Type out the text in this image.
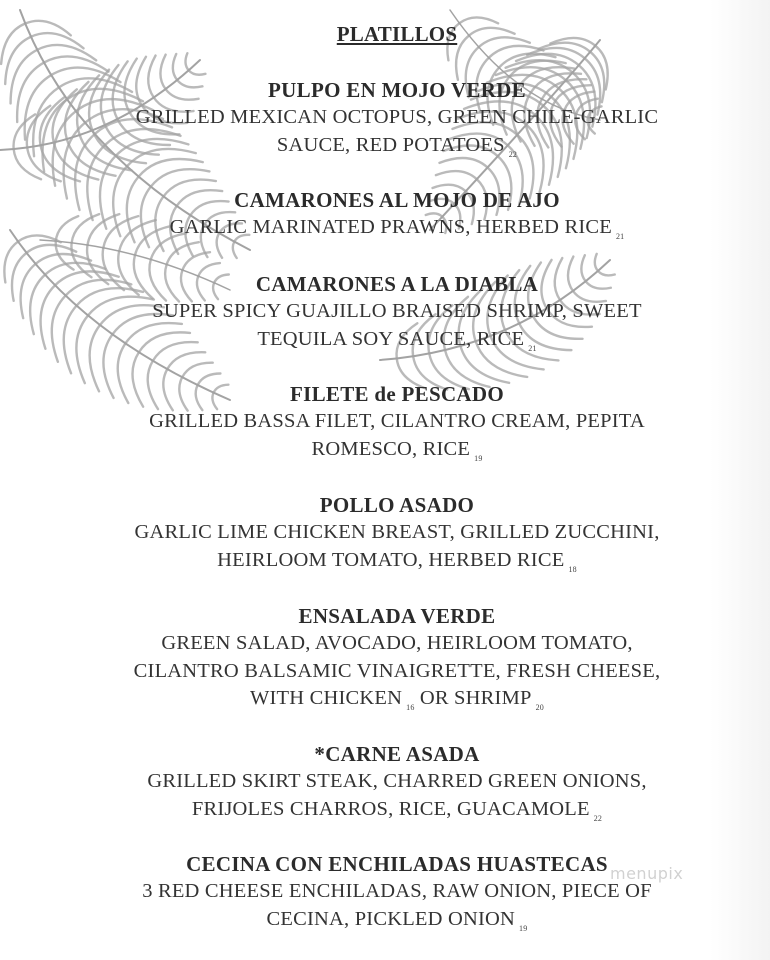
PLATILLOS
PULPO EN MOJO VERDE
GRILLED MEXICAN OCTOPUS, GREEN CHILE-GARLIC
SAUCE, RED POTATOES $_{22}$
CAMARONES AL MOJO DE AJO
GARLIC MARINATED PRAWNS, HERBED RICE $_{21}$
CAMARONES A LA DIABLA
SUPER SPICY GUAJILLO BRAISED SHRIMP, SWEET
TEQUILA SOY SAUCE, RICE $_{21}$
FILETE de PESCADO
GRILLED BASSA FILET, CILANTRO CREAM, PEPITA
ROMESCO, RICE $_{19}$
POLLO ASADO
GARLIC LIME CHICKEN BREAST, GRILLED ZUCCHINI,
HEIRLOOM TOMATO, HERBED RICE $_{18}$
ENSALADA VERDE
GREEN SALAD, AVOCADO, HEIRLOOM TOMATO,
CILANTRO BALSAMIC VINAIGRETTE, FRESH CHEESE,
WITH CHICKEN $_{16}$ OR SHRIMP $_{20}$
*CARNE ASADA
GRILLED SKIRT STEAK, CHARRED GREEN ONIONS,
FRIJOLES CHARROS, RICE, GUACAMOLE $_{22}$
CECINA CON ENCHILADAS HUASTECAS
3 RED CHEESE ENCHILADAS, RAW ONION, PIECE OF
CECINA, PICKLED ONION $_{19}$
menupix
